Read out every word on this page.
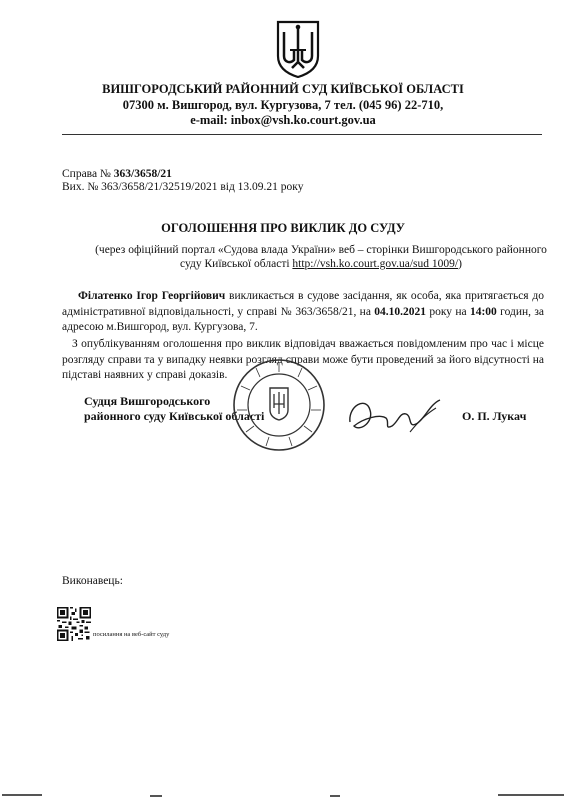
ВИШГОРОДСЬКИЙ РАЙОННИЙ СУД КИЇВСЬКОЇ ОБЛАСТІ
07300 м. Вишгород, вул. Кургузова, 7 тел. (045 96) 22-710,
e-mail: inbox@vsh.ko.court.gov.ua
Справа № 363/3658/21
Вих. № 363/3658/21/32519/2021 від 13.09.21 року
ОГОЛОШЕННЯ ПРО ВИКЛИК ДО СУДУ
(через офіційний портал «Судова влада України» веб – сторінки Вишгородського районного суду Київської області http://vsh.ko.court.gov.ua/sud 1009/)
Філатенко Ігор Георгійович викликається в судове засідання, як особа, яка притягається до адміністративної відповідальності, у справі № 363/3658/21, на 04.10.2021 року на 14:00 годин, за адресою м.Вишгород, вул. Кургузова, 7.
З опублікуванням оголошення про виклик відповідач вважається повідомленим про час і місце розгляду справи та у випадку неявки розгляд справи може бути проведений за його відсутності на підставі наявних у справі доказів.
Судця Вишгородського
районного суду Київської області	О. П. Лукач
Виконавець:
посилання на веб-сайт суду
